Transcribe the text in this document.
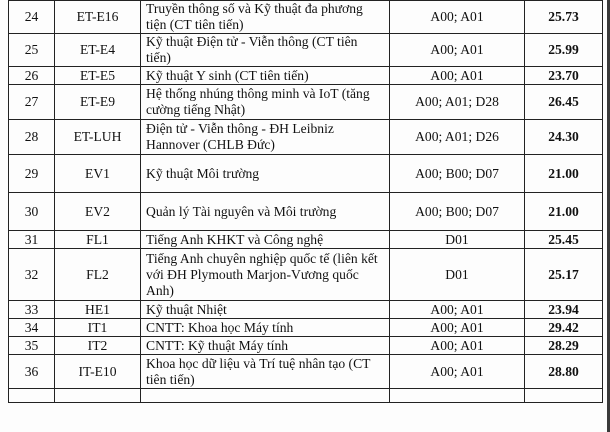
24	ET-E16	Truyền thông số và Kỹ thuật đa phương tiện (CT tiên tiến)	A00; A01	25.73
25	ET-E4	Kỹ thuật Điện tử - Viễn thông (CT tiên tiến)	A00; A01	25.99
26	ET-E5	Kỹ thuật Y sinh (CT tiên tiến)	A00; A01	23.70
27	ET-E9	Hệ thống nhúng thông minh và IoT (tăng cường tiếng Nhật)	A00; A01; D28	26.45
28	ET-LUH	Điện tử - Viễn thông - ĐH Leibniz Hannover (CHLB Đức)	A00; A01; D26	24.30
29	EV1	Kỹ thuật Môi trường	A00; B00; D07	21.00
30	EV2	Quản lý Tài nguyên và Môi trường	A00; B00; D07	21.00
31	FL1	Tiếng Anh KHKT và Công nghệ	D01	25.45
32	FL2	Tiếng Anh chuyên nghiệp quốc tế (liên kết với ĐH Plymouth Marjon-Vương quốc Anh)	D01	25.17
33	HE1	Kỹ thuật Nhiệt	A00; A01	23.94
34	IT1	CNTT: Khoa học Máy tính	A00; A01	29.42
35	IT2	CNTT: Kỹ thuật Máy tính	A00; A01	28.29
36	IT-E10	Khoa học dữ liệu và Trí tuệ nhân tạo (CT tiên tiến)	A00; A01	28.80
